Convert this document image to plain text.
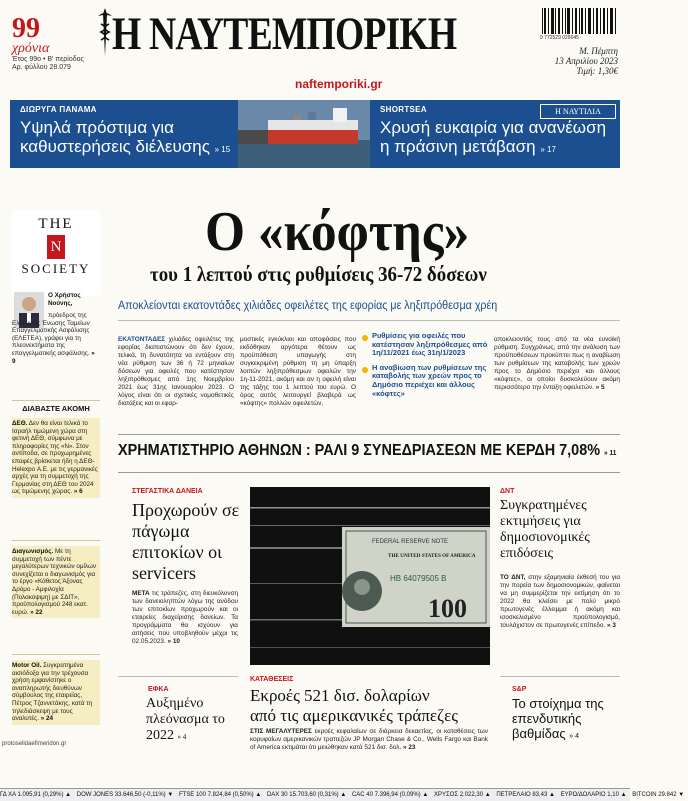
99
χρόνια
Έτος 99ο • Β' περίοδος
Αρ. φύλλου 28.079
Η ΝΑΥΤΕΜΠΟΡΙΚΗ
naftemporiki.gr
9 772529 029045
Μ. Πέμπτη
13 Απριλίου 2023
Τιμή: 1,30€
ΔΙΩΡΥΓΑ ΠΑΝΑΜΑ
Υψηλά πρόστιμα για
καθυστερήσεις διέλευσης » 15
SHORTSEA
Χρυσή ευκαιρία για ανανέωση
η πράσινη μετάβαση » 17
Η ΝΑΥΤΙΛΙΑ
THE
N
SOCIETY
Ο Χρήστος Νούνης,
πρόεδρος της Ελληνικής Ένωσης Ταμείων Επαγγελματικής Ασφάλισης (ΕΛΕΤΕΑ), γράφει για τη πλεονεκτήματα της επαγγελματικής ασφάλισης. » 9
ΔΙΑΒΑΣΤΕ ΑΚΟΜΗ
ΔΕΘ. Δεν θα είναι τελικά το Ισραήλ τιμώμενη χώρα στη φετινή ΔΕΘ, σύμφωνα με πληροφορίες της «Ν». Στον αντίποδα, σε προχωρημένες επαφές βρίσκεται ήδη η ΔΕΘ-Helexpo Α.Ε. με τις γερμανικές αρχές για τη συμμετοχή της Γερμανίας στη ΔΕΘ του 2024 ως τιμώμενης χώρας. » 6
Διαγωνισμός. Με τη συμμετοχή των πέντε μεγαλύτερων τεχνικών ομίλων συνεχίζεται ο διαγωνισμός για το έργο «Κάθετος Άξονας Δρόμο - Αμφιλοχία (Πολακοψιμη) με ΣΔΙΤ», προϋπολογισμού 248 εκατ. ευρώ. » 22
Motor Oil. Συγκρατημένα αισιόδοξα για την τρέχουσα χρήση εμφανίστηκε ο αναπληρωτής διευθύνων σύμβουλος της εταιρείας, Πέτρος Τζαννετάκης, κατά τη τηλεδιάσκεψη με τους αναλυτές. » 24
protoselidaefimeridon.gr
Ο «κόφτης»
του 1 λεπτού στις ρυθμίσεις 36-72 δόσεων
Αποκλείονται εκατοντάδες χιλιάδες οφειλέτες της εφορίας με ληξιπρόθεσμα χρέη
ΕΚΑΤΟΝΤΑΔΕΣ χιλιάδες οφειλέτες της εφορίας διαπιστώνουν ότι δεν έχουν, τελικά, τη δυνατότητα να εντάξουν στη νέα ρύθμιση των 36 ή 72 μηνιαίων δόσεων για οφειλές που κατέστησαν ληξιπρόθεσμες από 1ης Νοεμβρίου 2021 έως 31ης Ιανουαρίου 2023. Ο λόγος είναι ότι οι σχετικές νομοθετικές διατάξεις και οι εφαρ-
μοστικές εγκύκλιοι και αποφάσεις που εκδόθηκαν αργότερα θέτουν ως προϋπόθεση υπαγωγής στη συγκεκριμένη ρύθμιση τη μη ύπαρξη λοιπών ληξιπρόθεσμων οφειλών την 1η-11-2021, ακόμη και αν η οφειλή είναι της τάξης του 1 λεπτού του ευρώ. Ο όρος αυτός λειτουργεί βλαβερά ως «κόφτης» πολλών οφειλετών,
Ρυθμίσεις για οφειλές που κατέστησαν ληξιπρόθεσμες από 1η/11/2021 έως 31η/1/2023
Η αναβίωση των ρυθμίσεων της καταβολής των χρεών προς το Δημόσιο περιέχει και άλλους «κόφτες»
αποκλειοντάς τους από τα νέα ευνοϊκή ρύθμιση. Συγχρόνως, από την ανάλυση των προϋποθέσεων προκύπτει πως η αναβίωση των ρυθμίσεων της καταβολής των χρεών προς το Δημόσιο περιέχει και άλλους «κόφτες», οι οποίοι δυσκολεύουν ακόμη περισσότερο την ένταξη οφειλετών. » 5
ΧΡΗΜΑΤΙΣΤΗΡΙΟ ΑΘΗΝΩΝ : ΡΑΛΙ 9 ΣΥΝΕΔΡΙΑΣΕΩΝ ΜΕ ΚΕΡΔΗ 7,08% » 11
ΣΤΕΓΑΣΤΙΚΑ ΔΑΝΕΙΑ
Προχωρούν σε πάγωμα επιτοκίων οι servicers
ΜΕΤΑ τις τράπεζες, στη διευκόλυνση των δανειοληπτών λόγω της ανόδου των επιτοκίων προχωρούν και οι εταιρείες διαχείρισης δανείων. Τα προγράμματα θα ισχύουν για αιτήσεις που υποβληθούν μέχρι τις 02.05.2023. » 10
FEDERAL RESERVE NOTE
THE UNITED STATES OF AMERICA
HB 64079505 B
100
ΔΝΤ
Συγκρατημένες εκτιμήσεις για δημοσιονομικές επιδόσεις
ΤΟ ΔΝΤ, στην εξαμηνιαία έκθεσή του για την πορεία των δημοσιονομικών, φαίνεται να μη συμμερίζεται την εκτίμηση ότι το 2022 θα κλείσει με πολύ μικρό πρωτογενές έλλειμμα ή ακόμη και ισοσκελισμένο προϋπολογισμό, τουλάχιστον σε πρωτογενές επίπεδο. » 3
ΕΦΚΑ
Αυξημένο πλεόνασμα το 2022 » 4
ΚΑΤΑΘΕΣΕΙΣ
Εκροές 521 δισ. δολαρίων
από τις αμερικανικές τράπεζες
ΣΤΙΣ ΜΕΓΑΛΥΤΕΡΕΣ εκροές κεφαλαίων σε διάρκεια δεκαετίας, οι καταθέσεις των κορυφαίων αμερικανικών τραπεζών JP Morgan Chase & Co., Wells Fargo και Bank of America εκτιμάται ότι μειώθηκαν κατά 521 δισ. δολ. » 23
S&P
Το στοίχημα της επενδυτικής βαθμίδας » 4
ΓΔ ΧΑ 1.095,91 (0,29%) ▲ DOW JONES 33.646,50 (-0,11%) ▼ FTSE 100 7.824,84 (0,50%) ▲ DAX 30 15.703,60 (0,31%) ▲ CAC 40 7.396,94 (0,09%) ▲ ΧΡΥΣΟΣ 2.022,30 ▲ ΠΕΤΡΕΛΑΙΟ 83,43 ▲ ΕΥΡΩ/ΔΟΛΑΡΙΟ 1,10 ▲ BITCOIN 29.842 ▼
